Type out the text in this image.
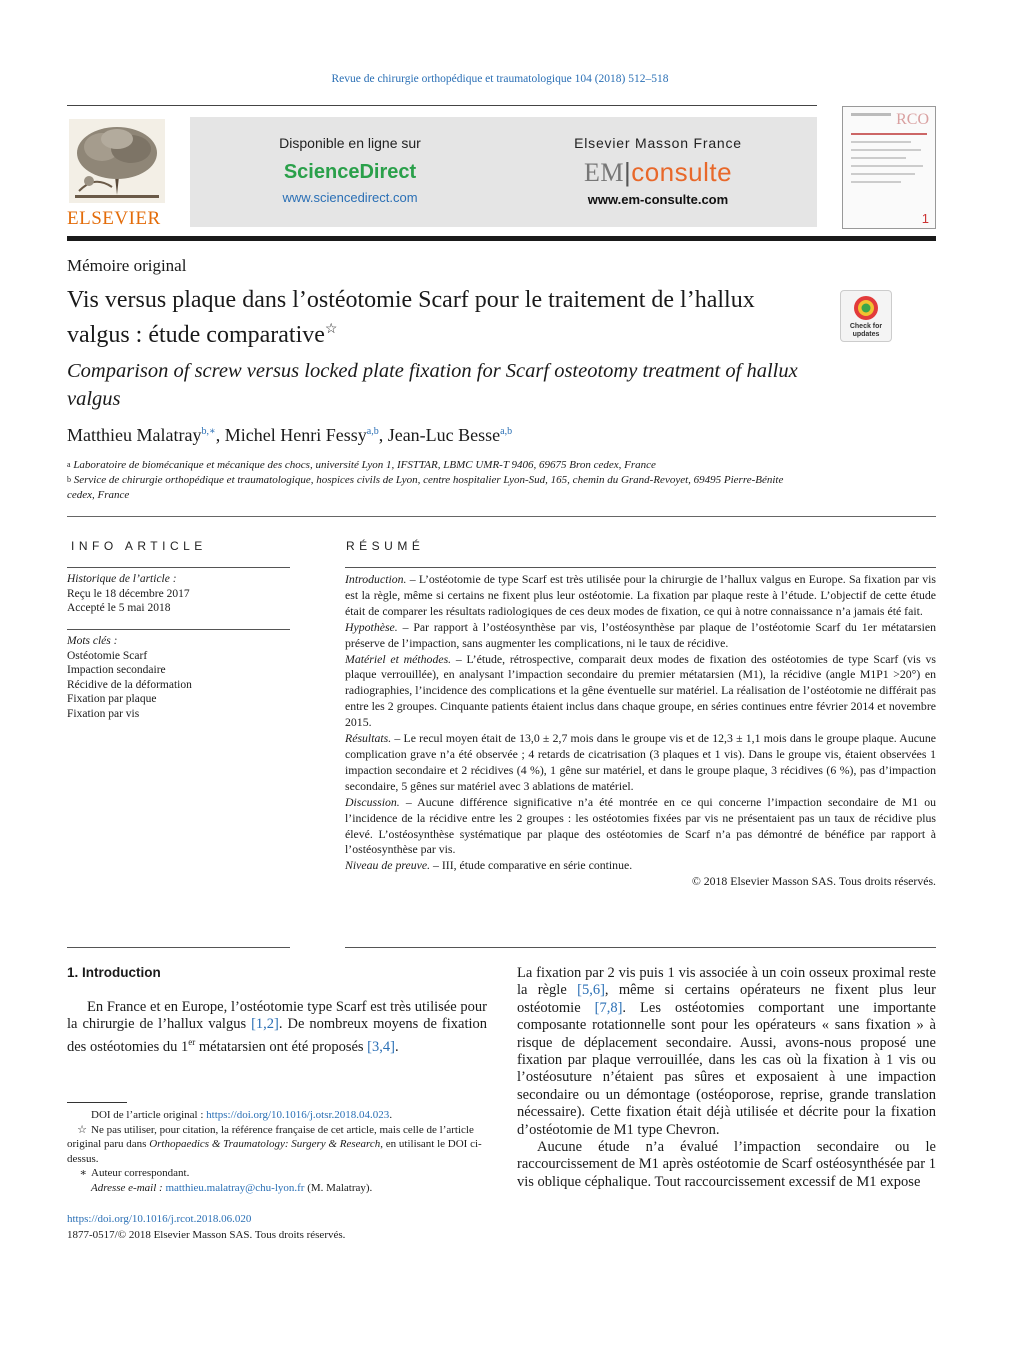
Revue de chirurgie orthopédique et traumatologique 104 (2018) 512–518
ELSEVIER
Disponible en ligne sur
ScienceDirect
www.sciencedirect.com
Elsevier Masson France
EM|consulte
www.em-consulte.com
RCO
1
Mémoire original
Vis versus plaque dans l’ostéotomie Scarf pour le traitement de l’hallux valgus : étude comparative☆	Check for updates
Comparison of screw versus locked plate fixation for Scarf osteotomy treatment of hallux valgus
Matthieu Malatray$^{b,∗}$, Michel Henri Fessy$^{a,b}$, Jean-Luc Besse$^{a,b}$
$^a$ Laboratoire de biomécanique et mécanique des chocs, université Lyon 1, IFSTTAR, LBMC UMR-T 9406, 69675 Bron cedex, France
$^b$ Service de chirurgie orthopédique et traumatologique, hospices civils de Lyon, centre hospitalier Lyon-Sud, 165, chemin du Grand-Revoyet, 69495 Pierre-Bénite cedex, France
INFO ARTICLE
Historique de l’article :
Reçu le 18 décembre 2017
Accepté le 5 mai 2018
Mots clés :
Ostéotomie Scarf
Impaction secondaire
Récidive de la déformation
Fixation par plaque
Fixation par vis
RÉSUMÉ

Introduction. – L’ostéotomie de type Scarf est très utilisée pour la chirurgie de l’hallux valgus en Europe. Sa fixation par vis est la règle, même si certains ne fixent plus leur ostéotomie. La fixation par plaque reste à l’étude. L’objectif de cette étude était de comparer les résultats radiologiques de ces deux modes de fixation, ce qui à notre connaissance n’a jamais été fait.

Hypothèse. – Par rapport à l’ostéosynthèse par vis, l’ostéosynthèse par plaque de l’ostéotomie Scarf du 1er métatarsien préserve de l’impaction, sans augmenter les complications, ni le taux de récidive.

Matériel et méthodes. – L’étude, rétrospective, comparait deux modes de fixation des ostéotomies de type Scarf (vis vs plaque verrouillée), en analysant l’impaction secondaire du premier métatarsien (M1), la récidive (angle M1P1 >20°) en radiographies, l’incidence des complications et la gêne éventuelle sur matériel. La réalisation de l’ostéotomie ne différait pas entre les 2 groupes. Cinquante patients étaient inclus dans chaque groupe, en séries continues entre février 2014 et novembre 2015.

Résultats. – Le recul moyen était de 13,0 ± 2,7 mois dans le groupe vis et de 12,3 ± 1,1 mois dans le groupe plaque. Aucune complication grave n’a été observée ; 4 retards de cicatrisation (3 plaques et 1 vis). Dans le groupe vis, étaient observées 1 impaction secondaire et 2 récidives (4 %), 1 gêne sur matériel, et dans le groupe plaque, 3 récidives (6 %), pas d’impaction secondaire, 5 gênes sur matériel avec 3 ablations de matériel.

Discussion. – Aucune différence significative n’a été montrée en ce qui concerne l’impaction secondaire de M1 ou l’incidence de la récidive entre les 2 groupes : les ostéotomies fixées par vis ne présentaient pas un taux de récidive plus élevé. L’ostéosynthèse systématique par plaque des ostéotomies de Scarf n’a pas démontré de bénéfice par rapport à l’ostéosynthèse par vis.

Niveau de preuve. – III, étude comparative en série continue.

© 2018 Elsevier Masson SAS. Tous droits réservés.

1. Introduction
En France et en Europe, l’ostéotomie type Scarf est très utilisée pour la chirurgie de l’hallux valgus [1,2]. De nombreux moyens de fixation des ostéotomies du 1er métatarsien ont été proposés [3,4].

La fixation par 2 vis puis 1 vis associée à un coin osseux proximal reste la règle [5,6], même si certains opérateurs ne fixent plus leur ostéotomie [7,8]. Les ostéotomies comportant une importante composante rotationnelle sont pour les opérateurs « sans fixation » à risque de déplacement secondaire. Aussi, avons-nous proposé une fixation par plaque verrouillée, dans les cas où la fixation à 1 vis ou l’ostéosuture n’étaient pas sûres et exposaient à une impaction secondaire ou un démontage (ostéoporose, reprise, grande translation nécessaire). Cette fixation était déjà utilisée et décrite pour la fixation d’ostéotomie de M1 type Chevron.

Aucune étude n’a évalué l’impaction secondaire ou le raccourcissement de M1 après ostéotomie de Scarf ostéosynthésée par 1 vis oblique céphalique. Tout raccourcissement excessif de M1 expose

DOI de l’article original : https://doi.org/10.1016/j.otsr.2018.04.023.

☆ Ne pas utiliser, pour citation, la référence française de cet article, mais celle de l’article original paru dans Orthopaedics & Traumatology: Surgery & Research, en utilisant le DOI ci-dessus.

∗ Auteur correspondant.

Adresse e-mail : matthieu.malatray@chu-lyon.fr (M. Malatray).

https://doi.org/10.1016/j.rcot.2018.06.020
1877-0517/© 2018 Elsevier Masson SAS. Tous droits réservés.
